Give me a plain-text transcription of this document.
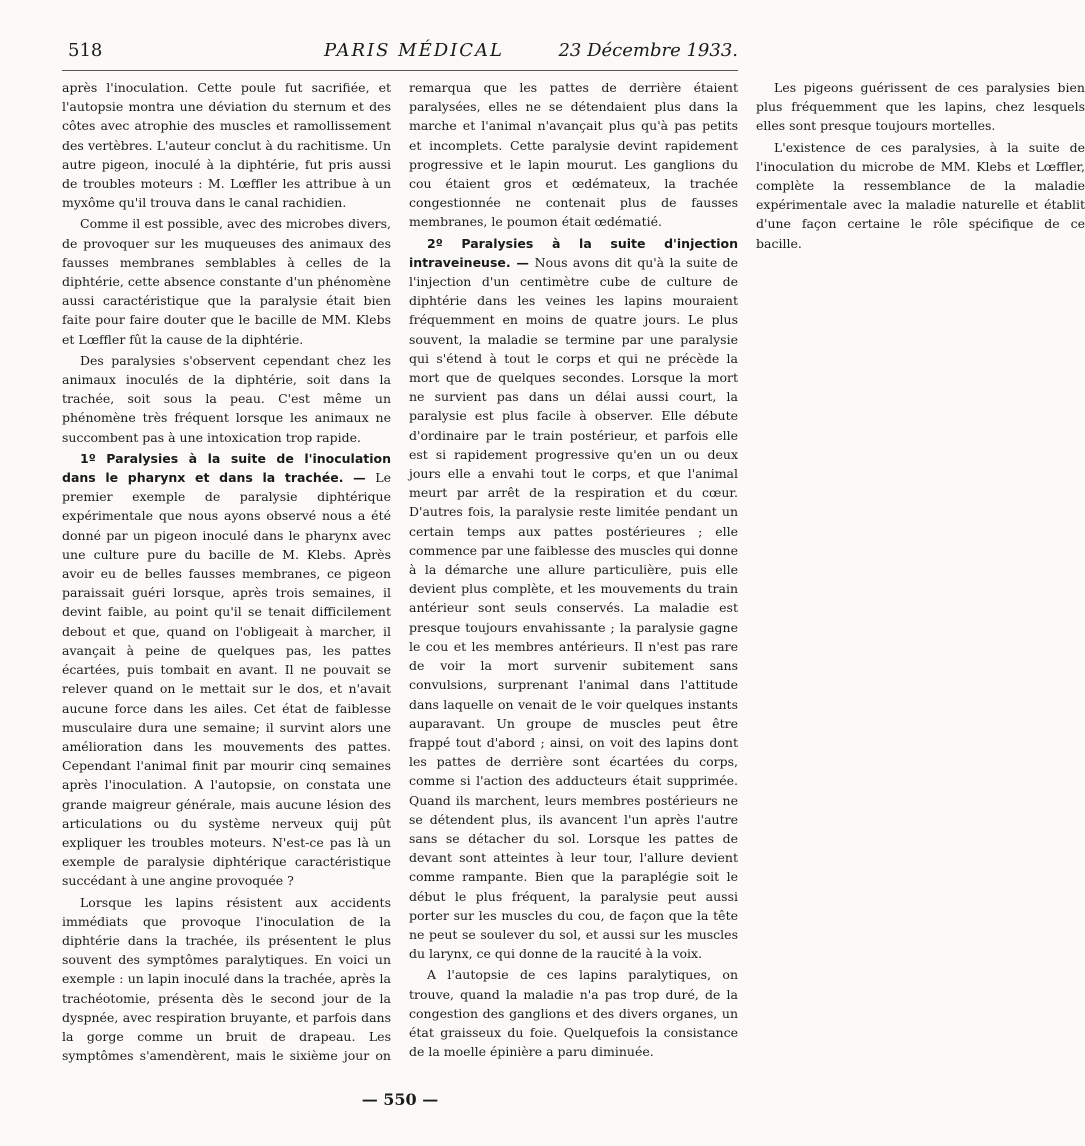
518	PARIS MÉDICAL	23 Décembre 1933.

après l'inoculation. Cette poule fut sacrifiée, et l'autopsie montra une déviation du sternum et des côtes avec atrophie des muscles et ramollissement des vertèbres. L'auteur conclut à du rachitisme. Un autre pigeon, inoculé à la diphtérie, fut pris aussi de troubles moteurs : M. Lœffler les attribue à un myxôme qu'il trouva dans le canal rachidien.

Comme il est possible, avec des microbes divers, de provoquer sur les muqueuses des animaux des fausses membranes semblables à celles de la diphtérie, cette absence constante d'un phénomène aussi caractéristique que la paralysie était bien faite pour faire douter que le bacille de MM. Klebs et Lœffler fût la cause de la diphtérie.

Des paralysies s'observent cependant chez les animaux inoculés de la diphtérie, soit dans la trachée, soit sous la peau. C'est même un phénomène très fréquent lorsque les animaux ne succombent pas à une intoxication trop rapide.

1º Paralysies à la suite de l'inoculation dans le pharynx et dans la trachée. — Le premier exemple de paralysie diphtérique expérimentale que nous ayons observé nous a été donné par un pigeon inoculé dans le pharynx avec une culture pure du bacille de M. Klebs. Après avoir eu de belles fausses membranes, ce pigeon paraissait guéri lorsque, après trois semaines, il devint faible, au point qu'il se tenait difficilement debout et que, quand on l'obligeait à marcher, il avançait à peine de quelques pas, les pattes écartées, puis tombait en avant. Il ne pouvait se relever quand on le mettait sur le dos, et n'avait aucune force dans les ailes. Cet état de faiblesse musculaire dura une semaine; il survint alors une amélioration dans les mouvements des pattes. Cependant l'animal finit par mourir cinq semaines après l'inoculation. A l'autopsie, on constata une grande maigreur générale, mais aucune lésion des articulations ou du système nerveux quij pût expliquer les troubles moteurs. N'est-ce pas là un exemple de paralysie diphtérique caractéristique succédant à une angine provoquée ?

Lorsque les lapins résistent aux accidents immédiats que provoque l'inoculation de la diphtérie dans la trachée, ils présentent le plus souvent des symptômes paralytiques. En voici un exemple : un lapin inoculé dans la trachée, après la trachéotomie, présenta dès le second jour de la dyspnée, avec respiration bruyante, et parfois dans la gorge comme un bruit de drapeau. Les symptômes s'amendèrent, mais le sixième jour on remarqua que les pattes de derrière étaient paralysées, elles ne se détendaient plus dans la marche et l'animal n'avançait plus qu'à pas petits et incomplets. Cette paralysie devint rapidement progressive et le lapin mourut. Les ganglions du cou étaient gros et œdémateux, la trachée congestionnée ne contenait plus de fausses membranes, le poumon était œdématié.

2º Paralysies à la suite d'injection intraveineuse. — Nous avons dit qu'à la suite de l'injection d'un centimètre cube de culture de diphtérie dans les veines les lapins mouraient fréquemment en moins de quatre jours. Le plus souvent, la maladie se termine par une paralysie qui s'étend à tout le corps et qui ne précède la mort que de quelques secondes. Lorsque la mort ne survient pas dans un délai aussi court, la paralysie est plus facile à observer. Elle débute d'ordinaire par le train postérieur, et parfois elle est si rapidement progressive qu'en un ou deux jours elle a envahi tout le corps, et que l'animal meurt par arrêt de la respiration et du cœur. D'autres fois, la paralysie reste limitée pendant un certain temps aux pattes postérieures ; elle commence par une faiblesse des muscles qui donne à la démarche une allure particulière, puis elle devient plus complète, et les mouvements du train antérieur sont seuls conservés. La maladie est presque toujours envahissante ; la paralysie gagne le cou et les membres antérieurs. Il n'est pas rare de voir la mort survenir subitement sans convulsions, surprenant l'animal dans l'attitude dans laquelle on venait de le voir quelques instants auparavant. Un groupe de muscles peut être frappé tout d'abord ; ainsi, on voit des lapins dont les pattes de derrière sont écartées du corps, comme si l'action des adducteurs était supprimée. Quand ils marchent, leurs membres postérieurs ne se détendent plus, ils avancent l'un après l'autre sans se détacher du sol. Lorsque les pattes de devant sont atteintes à leur tour, l'allure devient comme rampante. Bien que la paraplégie soit le début le plus fréquent, la paralysie peut aussi porter sur les muscles du cou, de façon que la tête ne peut se soulever du sol, et aussi sur les muscles du larynx, ce qui donne de la raucité à la voix.

A l'autopsie de ces lapins paralytiques, on trouve, quand la maladie n'a pas trop duré, de la congestion des ganglions et des divers organes, un état graisseux du foie. Quelquefois la consistance de la moelle épinière a paru diminuée.

Les pigeons guérissent de ces paralysies bien plus fréquemment que les lapins, chez lesquels elles sont presque toujours mortelles.

L'existence de ces paralysies, à la suite de l'inoculation du microbe de MM. Klebs et Lœffler, complète la ressemblance de la maladie expérimentale avec la maladie naturelle et établit d'une façon certaine le rôle spécifique de ce bacille.

— 550 —
